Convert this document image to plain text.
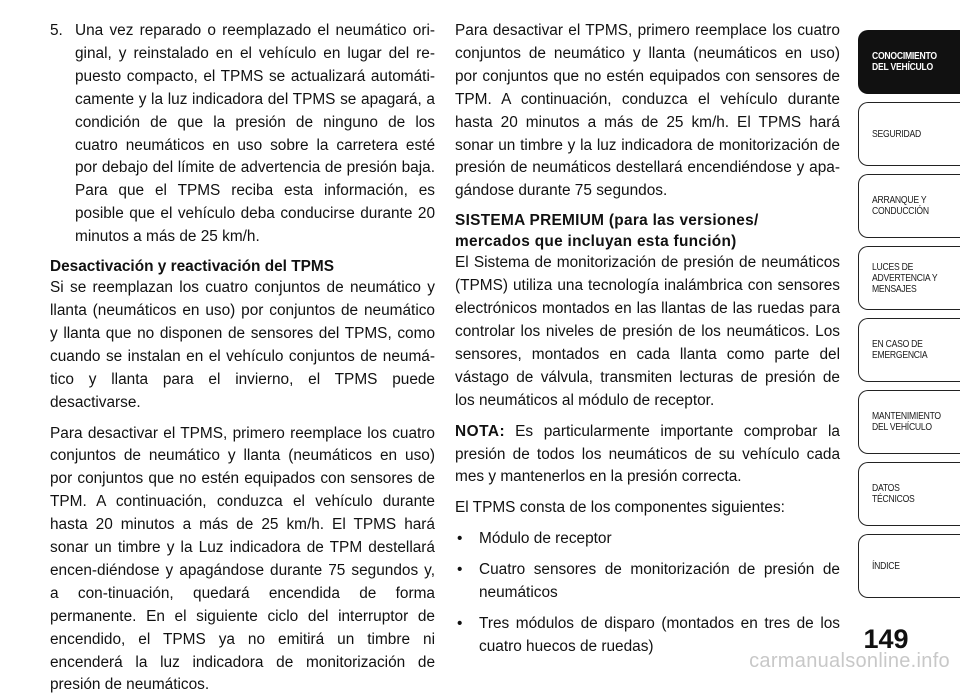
5. Una vez reparado o reemplazado el neumático ori-ginal, y reinstalado en el vehículo en lugar del re-puesto compacto, el TPMS se actualizará automáti-camente y la luz indicadora del TPMS se apagará, a condición de que la presión de ninguno de los cuatro neumáticos en uso sobre la carretera esté por debajo del límite de advertencia de presión baja. Para que el TPMS reciba esta información, es posible que el vehículo deba conducirse durante 20 minutos a más de 25 km/h.
Desactivación y reactivación del TPMS

Si se reemplazan los cuatro conjuntos de neumático y llanta (neumáticos en uso) por conjuntos de neumático y llanta que no disponen de sensores del TPMS, como cuando se instalan en el vehículo conjuntos de neumá-tico y llanta para el invierno, el TPMS puede desactivarse.

Para desactivar el TPMS, primero reemplace los cuatro conjuntos de neumático y llanta (neumáticos en uso) por conjuntos que no estén equipados con sensores de TPM. A continuación, conduzca el vehículo durante hasta 20 minutos a más de 25 km/h. El TPMS hará sonar un timbre y la Luz indicadora de TPM destellará encen-diéndose y apagándose durante 75 segundos y, a con-tinuación, quedará encendida de forma permanente. En el siguiente ciclo del interruptor de encendido, el TPMS ya no emitirá un timbre ni encenderá la luz indicadora de monitorización de presión de neumáticos.

Para desactivar el TPMS, primero reemplace los cuatro conjuntos de neumático y llanta (neumáticos en uso) por conjuntos que no estén equipados con sensores de TPM. A continuación, conduzca el vehículo durante hasta 20 minutos a más de 25 km/h. El TPMS hará sonar un timbre y la luz indicadora de monitorización de presión de neumáticos destellará encendiéndose y apa-gándose durante 75 segundos.

SISTEMA PREMIUM (para las versiones/
mercados que incluyan esta función)

El Sistema de monitorización de presión de neumáticos (TPMS) utiliza una tecnología inalámbrica con sensores electrónicos montados en las llantas de las ruedas para controlar los niveles de presión de los neumáticos. Los sensores, montados en cada llanta como parte del vástago de válvula, transmiten lecturas de presión de los neumáticos al módulo de receptor.

NOTA: Es particularmente importante comprobar la presión de todos los neumáticos de su vehículo cada mes y mantenerlos en la presión correcta.

El TPMS consta de los componentes siguientes:

•	Módulo de receptor
•	Cuatro sensores de monitorización de presión de neumáticos
•	Tres módulos de disparo (montados en tres de los cuatro huecos de ruedas)
CONOCIMIENTO
DEL VEHÍCULO
SEGURIDAD
ARRANQUE Y
CONDUCCIÓN
LUCES DE
ADVERTENCIA Y
MENSAJES
EN CASO DE
EMERGENCIA
MANTENIMIENTO
DEL VEHÍCULO
DATOS
TÉCNICOS
ÍNDICE
149
carmanualsonline.info
